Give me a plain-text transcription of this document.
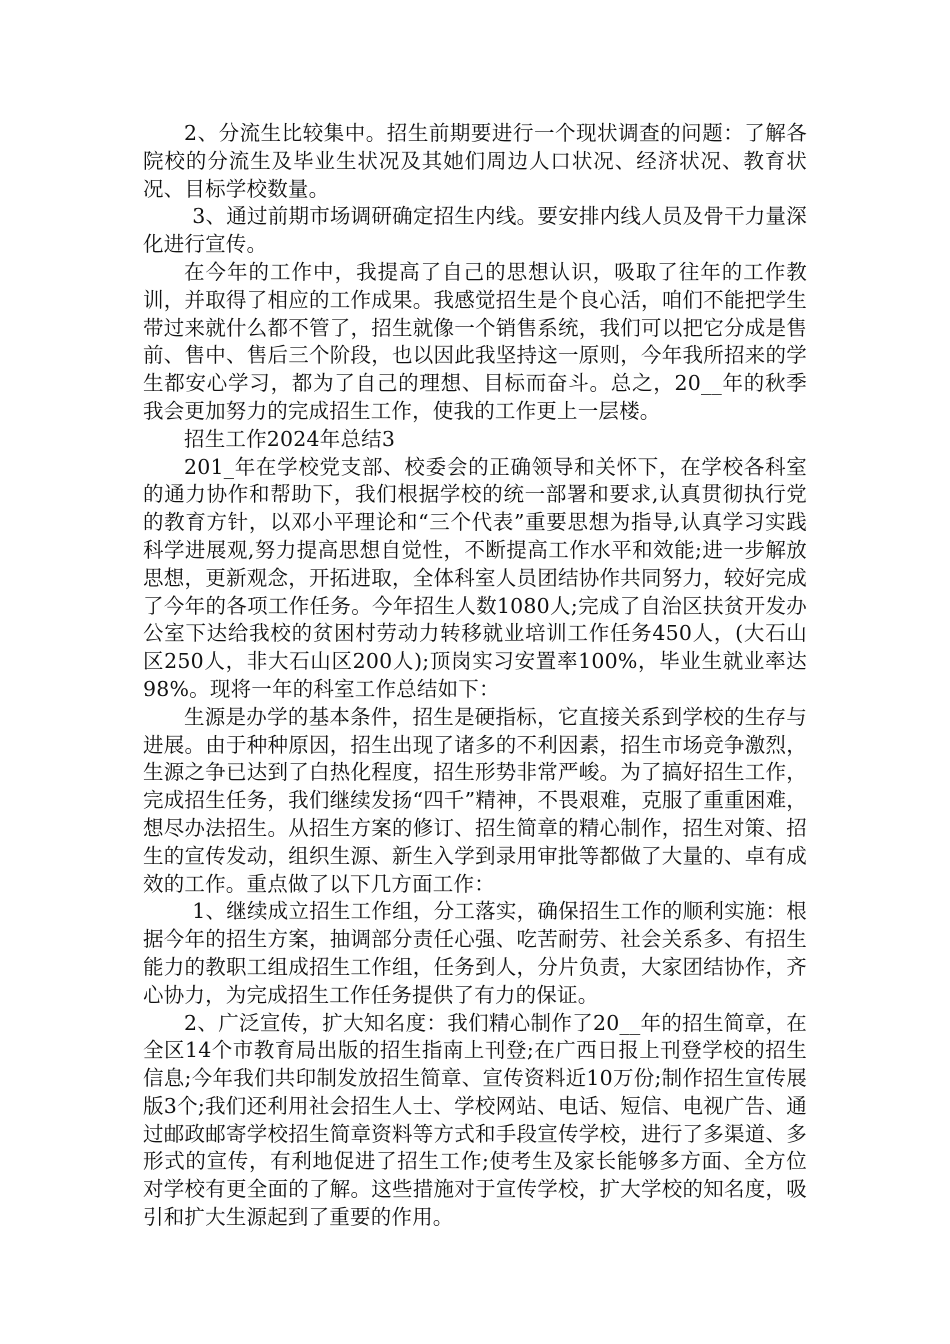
2、分流生比较集中。招生前期要进行一个现状调查的问题：了解各院校的分流生及毕业生状况及其她们周边人口状况、经济状况、教育状况、目标学校数量。

3、通过前期市场调研确定招生内线。要安排内线人员及骨干力量深化进行宣传。

在今年的工作中，我提高了自己的思想认识，吸取了往年的工作教训，并取得了相应的工作成果。我感觉招生是个良心活，咱们不能把学生带过来就什么都不管了，招生就像一个销售系统，我们可以把它分成是售前、售中、售后三个阶段，也以因此我坚持这一原则，今年我所招来的学生都安心学习，都为了自己的理想、目标而奋斗。总之，20__年的秋季我会更加努力的完成招生工作，使我的工作更上一层楼。

招生工作2024年总结3

201_年在学校党支部、校委会的正确领导和关怀下，在学校各科室的通力协作和帮助下，我们根据学校的统一部署和要求,认真贯彻执行党的教育方针，以邓小平理论和“三个代表”重要思想为指导,认真学习实践科学进展观,努力提高思想自觉性，不断提高工作水平和效能;进一步解放思想，更新观念，开拓进取，全体科室人员团结协作共同努力，较好完成了今年的各项工作任务。今年招生人数1080人;完成了自治区扶贫开发办公室下达给我校的贫困村劳动力转移就业培训工作任务450人，(大石山区250人，非大石山区200人);顶岗实习安置率100%，毕业生就业率达98%。现将一年的科室工作总结如下：

生源是办学的基本条件，招生是硬指标，它直接关系到学校的生存与进展。由于种种原因，招生出现了诸多的不利因素，招生市场竞争激烈，生源之争已达到了白热化程度，招生形势非常严峻。为了搞好招生工作，完成招生任务，我们继续发扬“四千”精神，不畏艰难，克服了重重困难，想尽办法招生。从招生方案的修订、招生简章的精心制作，招生对策、招生的宣传发动，组织生源、新生入学到录用审批等都做了大量的、卓有成效的工作。重点做了以下几方面工作：

1、继续成立招生工作组，分工落实，确保招生工作的顺利实施：根据今年的招生方案，抽调部分责任心强、吃苦耐劳、社会关系多、有招生能力的教职工组成招生工作组，任务到人，分片负责，大家团结协作，齐心协力，为完成招生工作任务提供了有力的保证。

2、广泛宣传，扩大知名度：我们精心制作了20__年的招生简章，在全区14个市教育局出版的招生指南上刊登;在广西日报上刊登学校的招生信息;今年我们共印制发放招生简章、宣传资料近10万份;制作招生宣传展版3个;我们还利用社会招生人士、学校网站、电话、短信、电视广告、通过邮政邮寄学校招生简章资料等方式和手段宣传学校，进行了多渠道、多形式的宣传，有利地促进了招生工作;使考生及家长能够多方面、全方位对学校有更全面的了解。这些措施对于宣传学校，扩大学校的知名度，吸引和扩大生源起到了重要的作用。
